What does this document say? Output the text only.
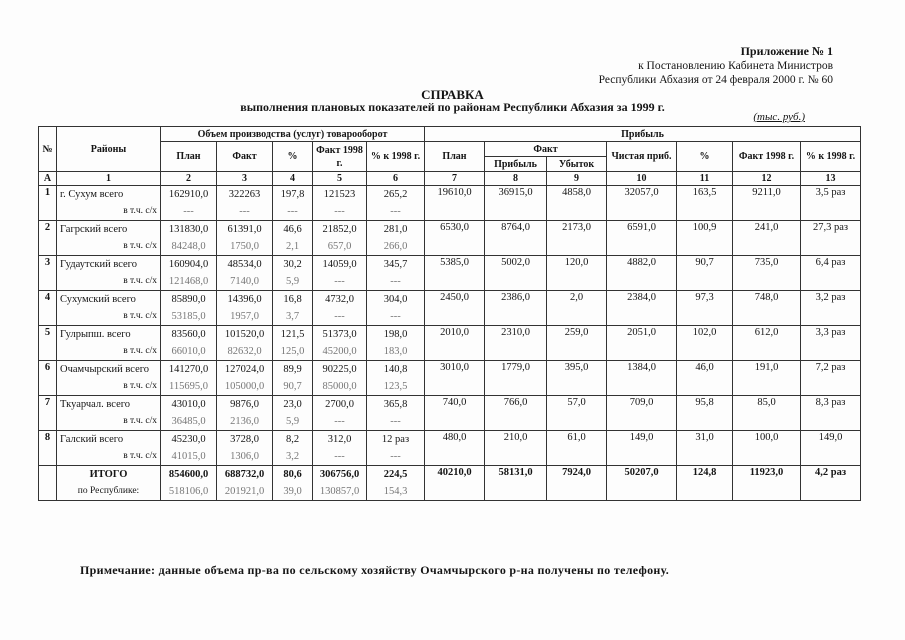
Приложение № 1
к Постановлению Кабинета Министров
Республики Абхазия от 24 февраля 2000 г. № 60
СПРАВКА
выполнения плановых показателей по районам Республики Абхазия за 1999 г.
(тыс. руб.)
№	Районы	Объем производства (услуг) товарооборот					Прибыль						
		План	Факт	%	Факт 1998 г.	% к 1998 г.	План	Факт		Чистая приб.	%	Факт 1998 г.	% к 1998 г.
								Прибыль	Убыток				
А	1	2	3	4	5	6	7	8	9	10	11	12	13
1	г. Сухум всего	162910,0	322263	197,8	121523	265,2	19610,0	36915,0	4858,0	32057,0	163,5	9211,0	3,5 раз
	в т.ч. с/х	---	---	---	---	---							
2	Гагрский всего	131830,0	61391,0	46,6	21852,0	281,0	6530,0	8764,0	2173,0	6591,0	100,9	241,0	27,3 раз
	в т.ч. с/х	84248,0	1750,0	2,1	657,0	266,0							
3	Гудаутский всего	160904,0	48534,0	30,2	14059,0	345,7	5385,0	5002,0	120,0	4882,0	90,7	735,0	6,4 раз
	в т.ч. с/х	121468,0	7140,0	5,9	---	---							
4	Сухумский всего	85890,0	14396,0	16,8	4732,0	304,0	2450,0	2386,0	2,0	2384,0	97,3	748,0	3,2 раз
	в т.ч. с/х	53185,0	1957,0	3,7	---	---							
5	Гулрыпш. всего	83560,0	101520,0	121,5	51373,0	198,0	2010,0	2310,0	259,0	2051,0	102,0	612,0	3,3 раз
	в т.ч. с/х	66010,0	82632,0	125,0	45200,0	183,0							
6	Очамчырский всего	141270,0	127024,0	89,9	90225,0	140,8	3010,0	1779,0	395,0	1384,0	46,0	191,0	7,2 раз
	в т.ч. с/х	115695,0	105000,0	90,7	85000,0	123,5							
7	Ткуарчал. всего	43010,0	9876,0	23,0	2700,0	365,8	740,0	766,0	57,0	709,0	95,8	85,0	8,3 раз
	в т.ч. с/х	36485,0	2136,0	5,9	---	---							
8	Галский всего	45230,0	3728,0	8,2	312,0	12 раз	480,0	210,0	61,0	149,0	31,0	100,0	149,0
	в т.ч. с/х	41015,0	1306,0	3,2	---	---							
	ИТОГО	854600,0	688732,0	80,6	306756,0	224,5	40210,0	58131,0	7924,0	50207,0	124,8	11923,0	4,2 раз
	по Республике:	518106,0	201921,0	39,0	130857,0	154,3							
Примечание: данные объема пр-ва по сельскому хозяйству Очамчырского р-на получены по телефону.
